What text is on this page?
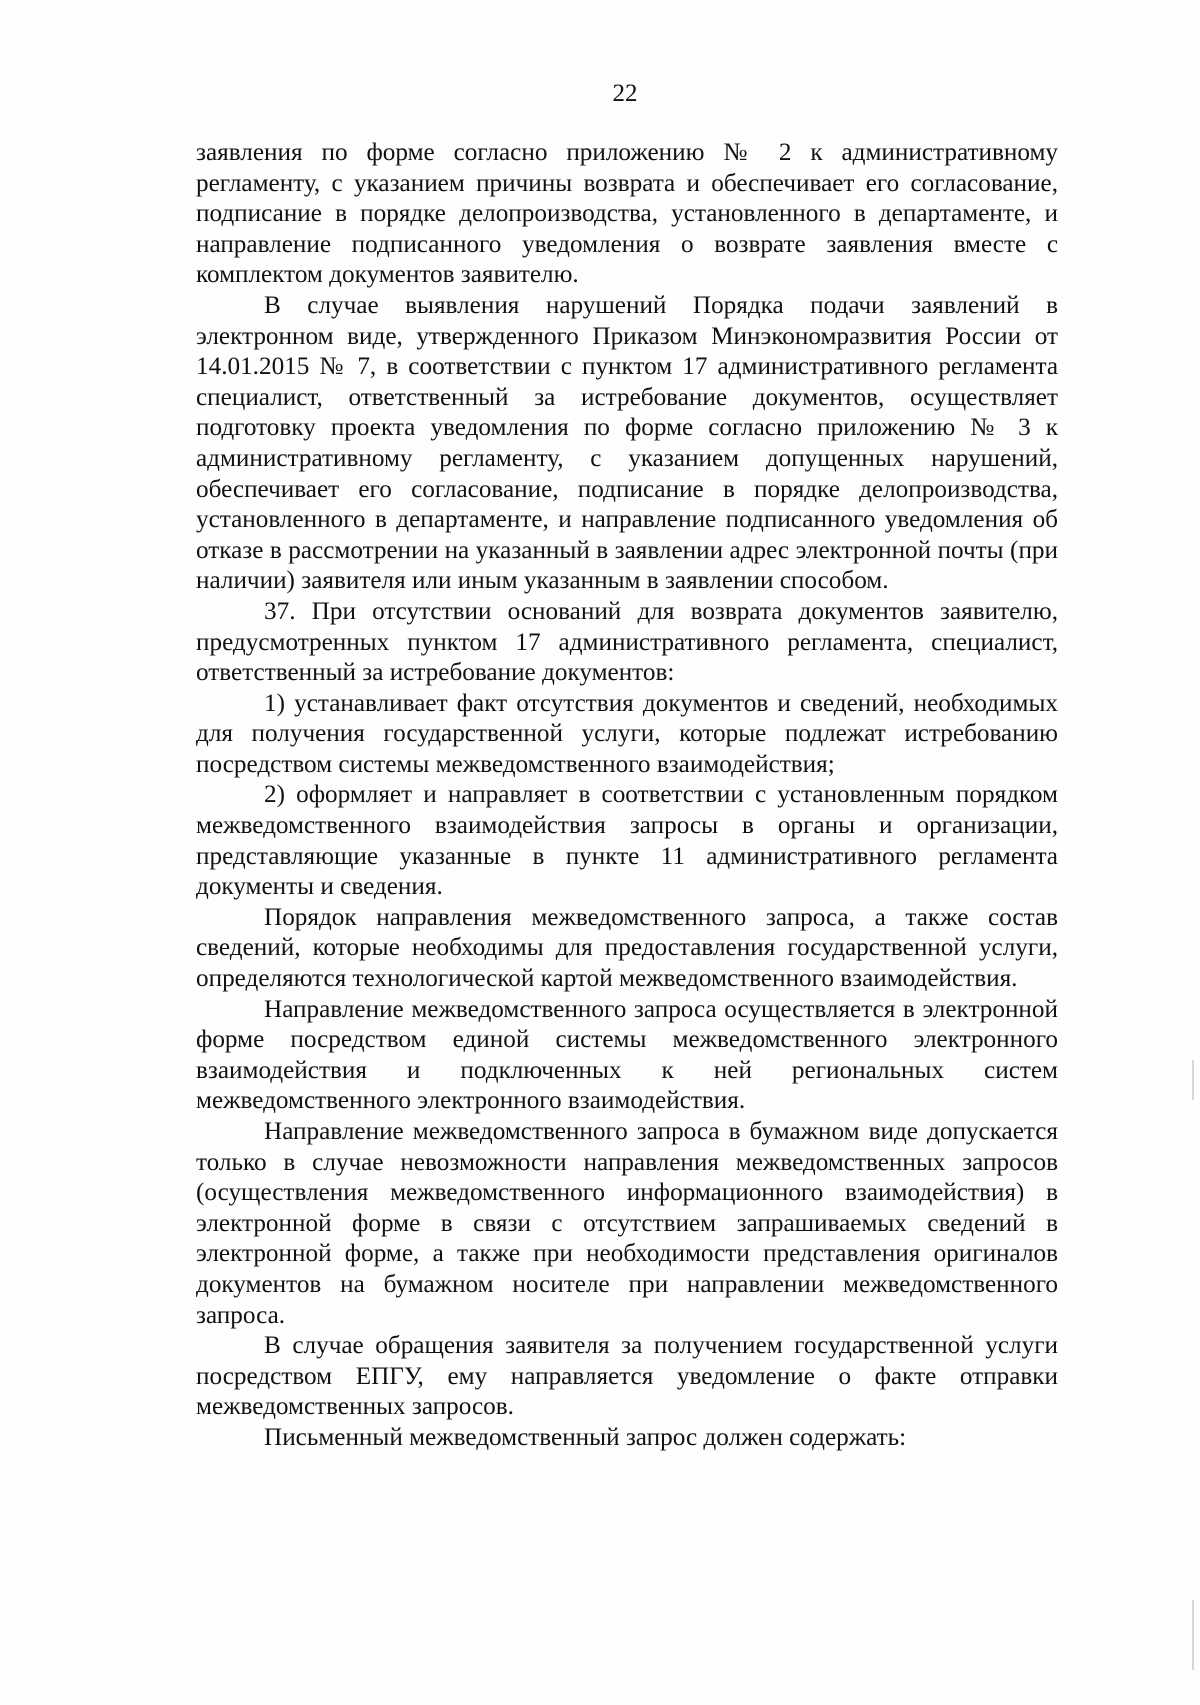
22

заявления по форме согласно приложению № 2 к административному регламенту, с указанием причины возврата и обеспечивает его согласование, подписание в порядке делопроизводства, установленного в департаменте, и направление подписанного уведомления о возврате заявления вместе с комплектом документов заявителю.

В случае выявления нарушений Порядка подачи заявлений в электронном виде, утвержденного Приказом Минэкономразвития России от 14.01.2015 № 7, в соответствии с пунктом 17 административного регламента специалист, ответственный за истребование документов, осуществляет подготовку проекта уведомления по форме согласно приложению № 3 к административному регламенту, с указанием допущенных нарушений, обеспечивает его согласование, подписание в порядке делопроизводства, установленного в департаменте, и направление подписанного уведомления об отказе в рассмотрении на указанный в заявлении адрес электронной почты (при наличии) заявителя или иным указанным в заявлении способом.

37. При отсутствии оснований для возврата документов заявителю, предусмотренных пунктом 17 административного регламента, специалист, ответственный за истребование документов:

1) устанавливает факт отсутствия документов и сведений, необходимых для получения государственной услуги, которые подлежат истребованию посредством системы межведомственного взаимодействия;

2) оформляет и направляет в соответствии с установленным порядком межведомственного взаимодействия запросы в органы и организации, представляющие указанные в пункте 11 административного регламента документы и сведения.

Порядок направления межведомственного запроса, а также состав сведений, которые необходимы для предоставления государственной услуги, определяются технологической картой межведомственного взаимодействия.

Направление межведомственного запроса осуществляется в электронной форме посредством единой системы межведомственного электронного взаимодействия и подключенных к ней региональных систем межведомственного электронного взаимодействия.

Направление межведомственного запроса в бумажном виде допускается только в случае невозможности направления межведомственных запросов (осуществления межведомственного информационного взаимодействия) в электронной форме в связи с отсутствием запрашиваемых сведений в электронной форме, а также при необходимости представления оригиналов документов на бумажном носителе при направлении межведомственного запроса.

В случае обращения заявителя за получением государственной услуги посредством ЕПГУ, ему направляется уведомление о факте отправки межведомственных запросов.

Письменный межведомственный запрос должен содержать:
